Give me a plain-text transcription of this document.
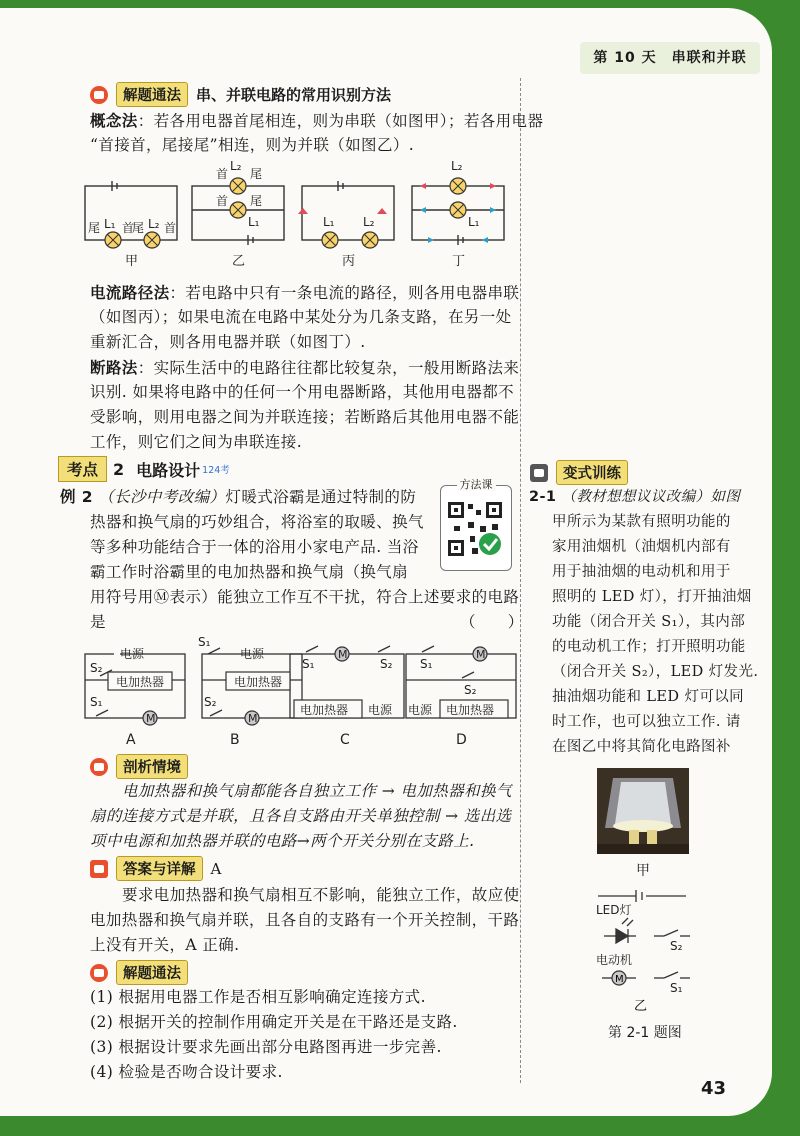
第 10 天　串联和并联
解题通法	串、并联电路的常用识别方法
概念法：若各用电器首尾相连，则为串联（如图甲）；若各用电器
“首接首，尾接尾”相连，则为并联（如图乙）.
尾 L₁ 首
尾 L₂ 首
首
L₂
尾
首 尾
L₁	L₁ L₂
L₂
L₁
甲	乙	丙	丁
电流路径法：若电路中只有一条电流的路径，则各用电器串联
（如图丙）；如果电流在电路中某处分为几条支路，在另一处
重新汇合，则各用电器并联（如图丁）.
断路法：实际生活中的电路往往都比较复杂，一般用断路法来
识别. 如果将电路中的任何一个用电器断路，其他用电器都不
受影响，则用电器之间为并联连接；若断路后其他用电器不能
工作，则它们之间为串联连接.
考点 2 电路设计 124考
例 2 （长沙中考改编）灯暖式浴霸是通过特制的防
热器和换气扇的巧妙组合，将浴室的取暖、换气
等多种功能结合于一体的浴用小家电产品. 当浴
霸工作时浴霸里的电加热器和换气扇（换气扇
用符号用Ⓜ表示）能独立工作互不干扰，符合上述要求的电路
是	（　　）
方法课
M	M
M	M
电源
S₂
S₁
电加热器
电源
S₁
S₂
电加热器
S₁	S₂
电加热器 电源
S₁
S₂
电源 电加热器
A	B	C	D
剖析情境
电加热器和换气扇都能各自独立工作 → 电加热器和换气
扇的连接方式是并联，且各自支路由开关单独控制 → 选出选
项中电源和加热器并联的电路→两个开关分别在支路上.
答案与详解	A
要求电加热器和换气扇相互不影响，能独立工作，故应使
电加热器和换气扇并联，且各自的支路有一个开关控制，干路
上没有开关，A 正确.
解题通法
(1) 根据用电器工作是否相互影响确定连接方式.
(2) 根据开关的控制作用确定开关是在干路还是支路.
(3) 根据设计要求先画出部分电路图再进一步完善.
(4) 检验是否吻合设计要求.
变式训练
2-1 （教材想想议议改编）如图
甲所示为某款有照明功能的
家用油烟机（油烟机内部有
用于抽油烟的电动机和用于
照明的 LED 灯），打开抽油烟
功能（闭合开关 S₁），其内部
的电动机工作；打开照明功能
（闭合开关 S₂），LED 灯发光.
抽油烟功能和 LED 灯可以同
时工作，也可以独立工作. 请
在图乙中将其简化电路图补
甲
M
LED灯
S₂
电动机
S₁
乙
第 2-1 题图
43
